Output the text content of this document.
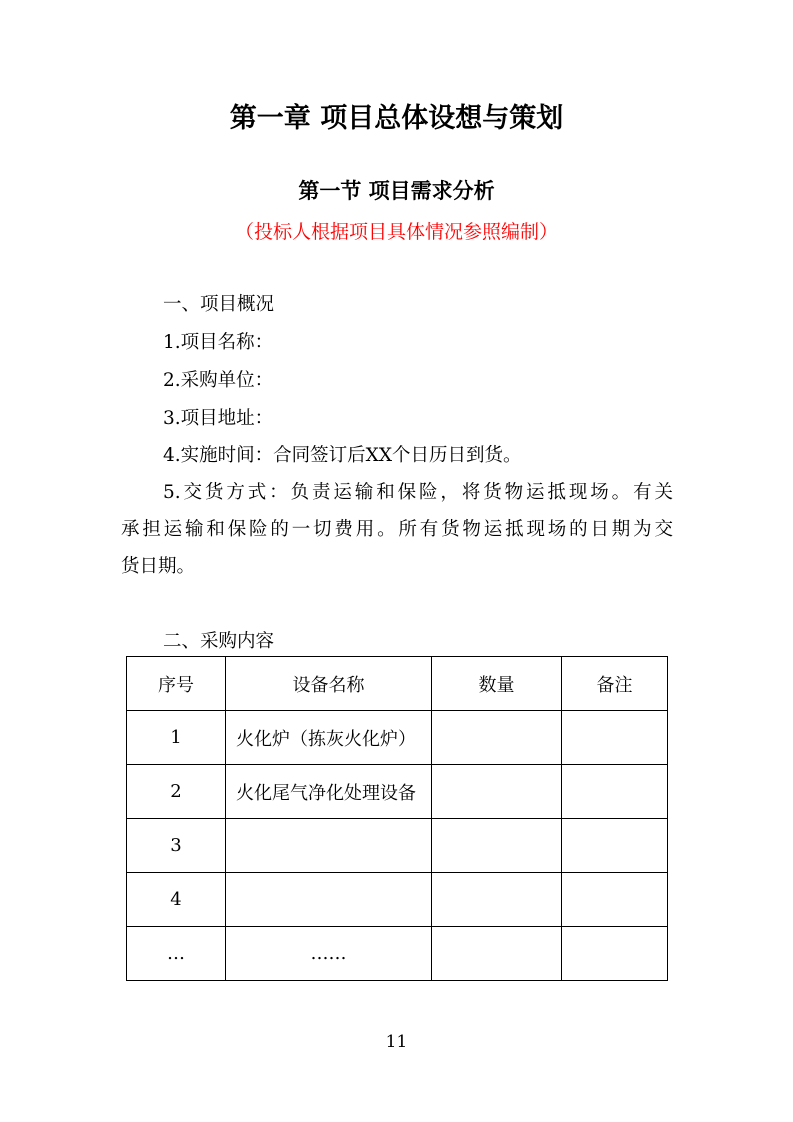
第一章 项目总体设想与策划
第一节 项目需求分析
（投标人根据项目具体情况参照编制）
一、项目概况
1.项目名称：
2.采购单位：
3.项目地址：
4.实施时间：合同签订后XX个日历日到货。
5.交货方式：负责运输和保险，将货物运抵现场。有关
承担运输和保险的一切费用。所有货物运抵现场的日期为交
货日期。
二、采购内容
序号	设备名称	数量	备注
1	火化炉（拣灰火化炉）		
2	火化尾气净化处理设备		
3			
4			
…	……		
11
